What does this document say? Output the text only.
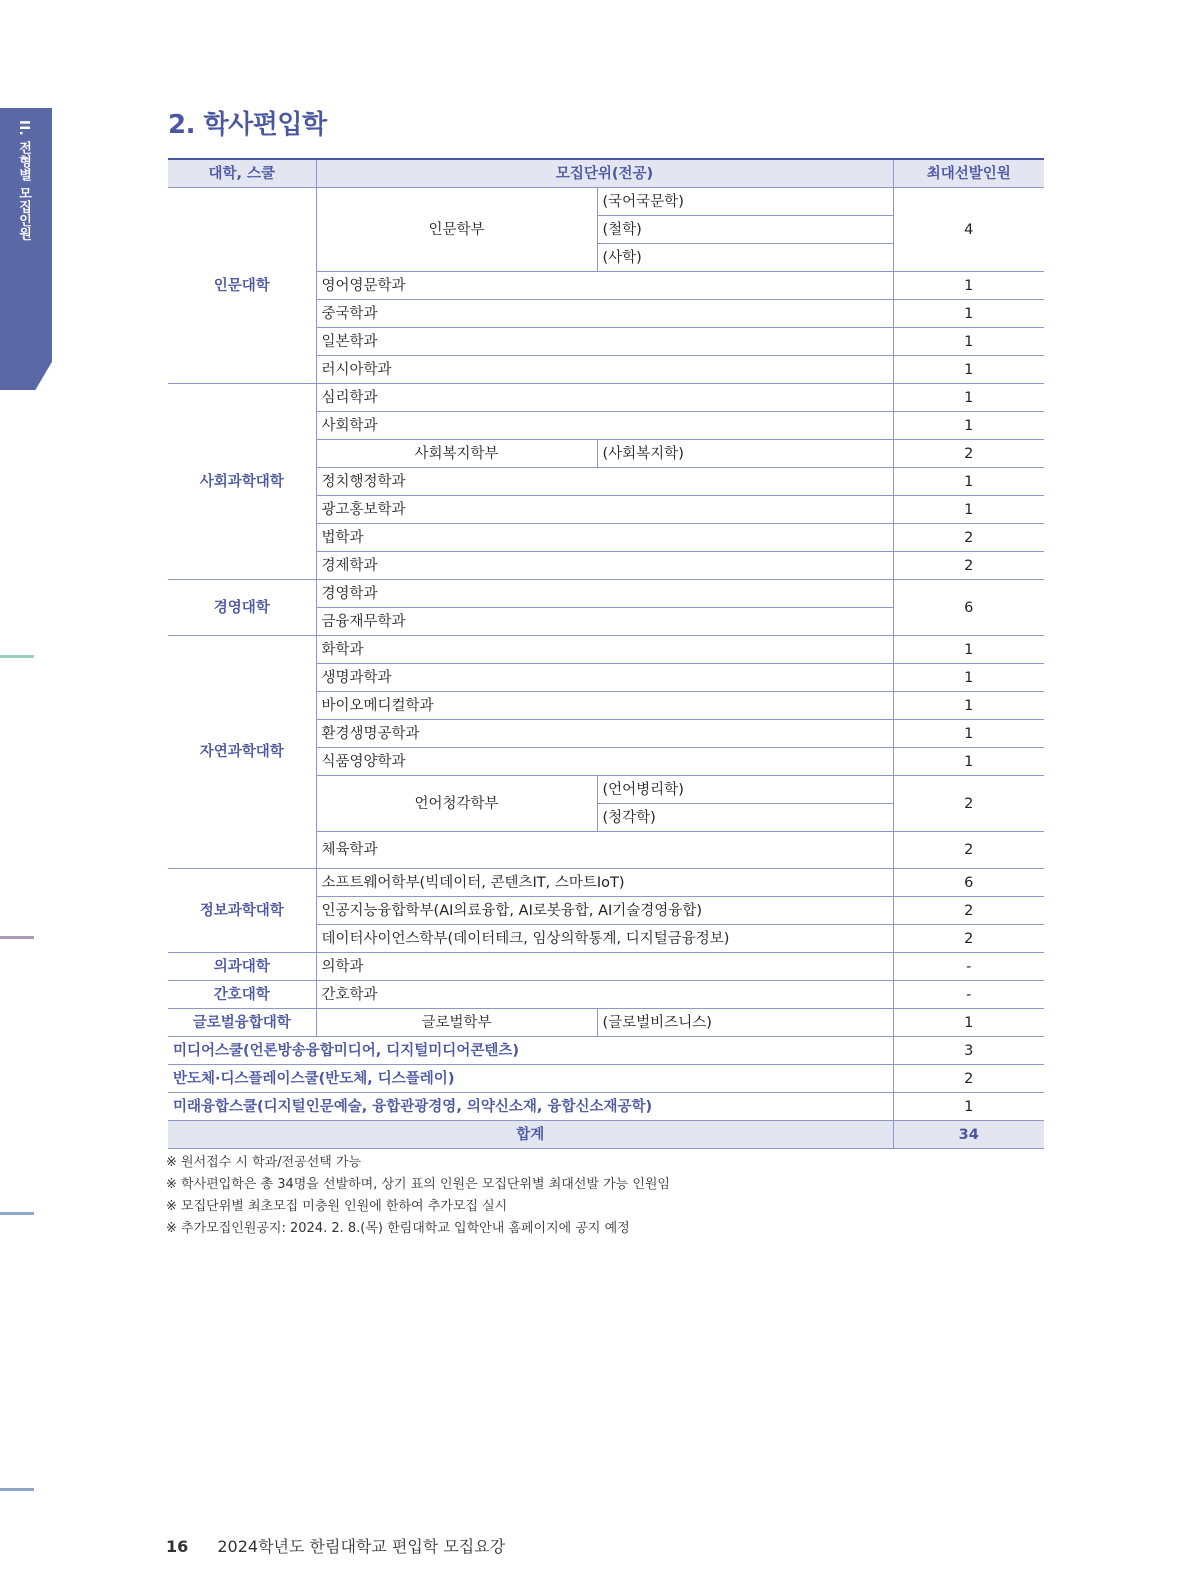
II. 전형별 모집인원	2. 학사편입학
대학, 스쿨	모집단위(전공)		최대선발인원
인문대학	인문학부	(국어국문학)	4
		(철학)	
		(사학)	
	영어영문학과		1
	중국학과		1
	일본학과		1
	러시아학과		1
사회과학대학	심리학과		1
	사회학과		1
	사회복지학부	(사회복지학)	2
	정치행정학과		1
	광고홍보학과		1
	법학과		2
	경제학과		2
경영대학	경영학과		6
	금융재무학과		
자연과학대학	화학과		1
	생명과학과		1
	바이오메디컬학과		1
	환경생명공학과		1
	식품영양학과		1
	언어청각학부	(언어병리학)	2
		(청각학)	
	체육학과		2
정보과학대학	소프트웨어학부(빅데이터, 콘텐츠IT, 스마트IoT)		6
	인공지능융합학부(AI의료융합, AI로봇융합, AI기술경영융합)		2
	데이터사이언스학부(데이터테크, 임상의학통계, 디지털금융정보)		2
의과대학	의학과		-
간호대학	간호학과		-
글로벌융합대학	글로벌학부	(글로벌비즈니스)	1
미디어스쿨(언론방송융합미디어, 디지털미디어콘텐츠)			3
반도체·디스플레이스쿨(반도체, 디스플레이)			2
미래융합스쿨(디지털인문예술, 융합관광경영, 의약신소재, 융합신소재공학)			1
합계			34
※ 원서접수 시 학과/전공선택 가능
※ 학사편입학은 총 34명을 선발하며, 상기 표의 인원은 모집단위별 최대선발 가능 인원임
※ 모집단위별 최초모집 미충원 인원에 한하여 추가모집 실시
※ 추가모집인원공지: 2024. 2. 8.(목) 한림대학교 입학안내 홈페이지에 공지 예정
16 2024학년도 한림대학교 편입학 모집요강
